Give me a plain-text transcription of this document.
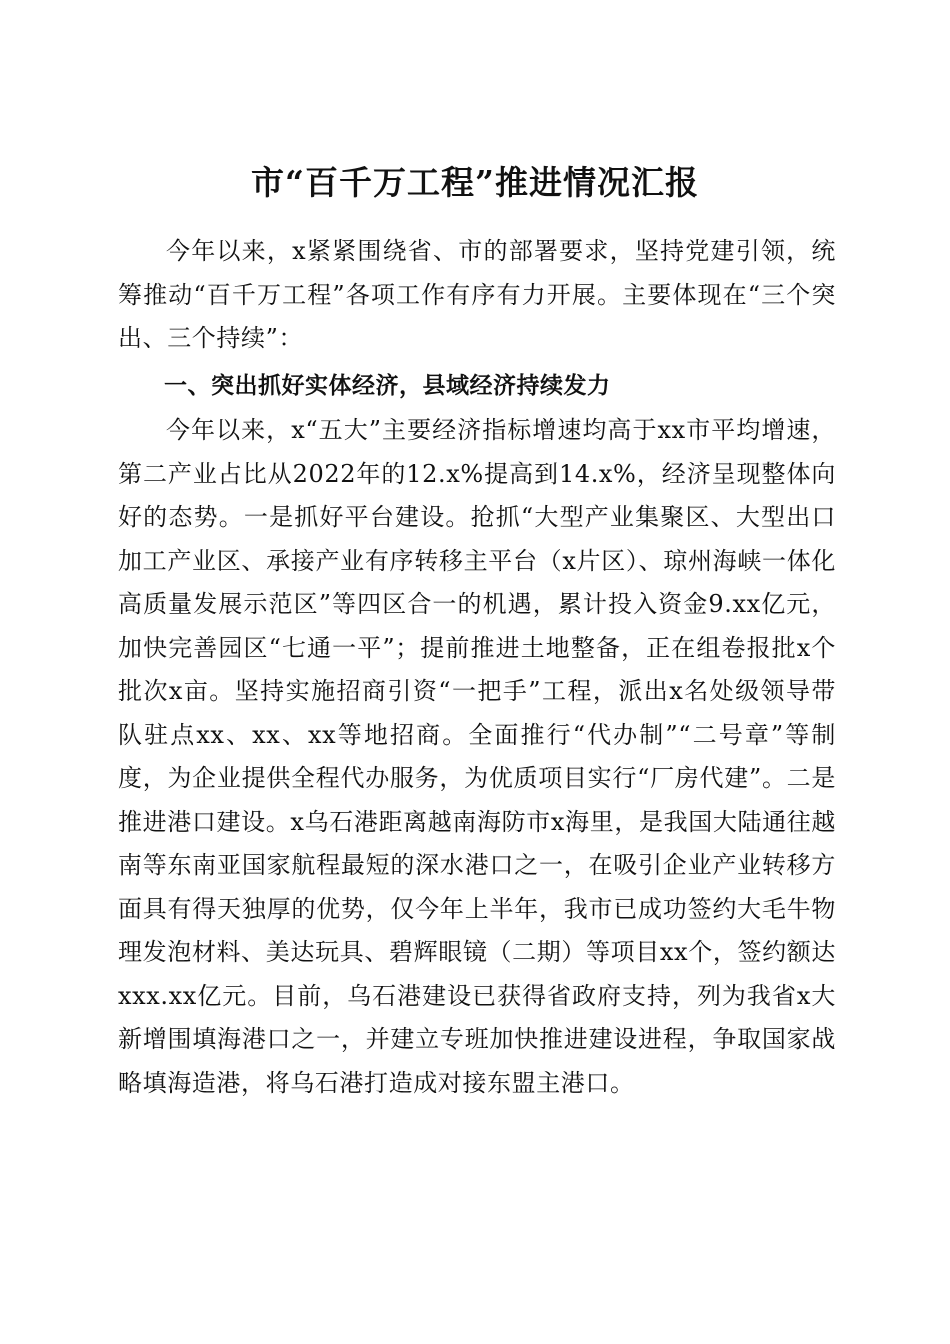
市“百千万工程”推进情况汇报

今年以来，x紧紧围绕省、市的部署要求，坚持党建引领，统筹推动“百千万工程”各项工作有序有力开展。主要体现在“三个突出、三个持续”：

一、突出抓好实体经济，县域经济持续发力

今年以来，x“五大”主要经济指标增速均高于xx市平均增速，第二产业占比从2022年的12.x%提高到14.x%，经济呈现整体向好的态势。一是抓好平台建设。抢抓“大型产业集聚区、大型出口加工产业区、承接产业有序转移主平台（x片区）、琼州海峡一体化高质量发展示范区”等四区合一的机遇，累计投入资金9.xx亿元，加快完善园区“七通一平”；提前推进土地整备，正在组卷报批x个批次x亩。坚持实施招商引资“一把手”工程，派出x名处级领导带队驻点xx、xx、xx等地招商。全面推行“代办制”“二号章”等制度，为企业提供全程代办服务，为优质项目实行“厂房代建”。二是推进港口建设。x乌石港距离越南海防市x海里，是我国大陆通往越南等东南亚国家航程最短的深水港口之一，在吸引企业产业转移方面具有得天独厚的优势，仅今年上半年，我市已成功签约大毛牛物理发泡材料、美达玩具、碧辉眼镜（二期）等项目xx个，签约额达xxx.xx亿元。目前，乌石港建设已获得省政府支持，列为我省x大新增围填海港口之一，并建立专班加快推进建设进程，争取国家战略填海造港，将乌石港打造成对接东盟主港口。
